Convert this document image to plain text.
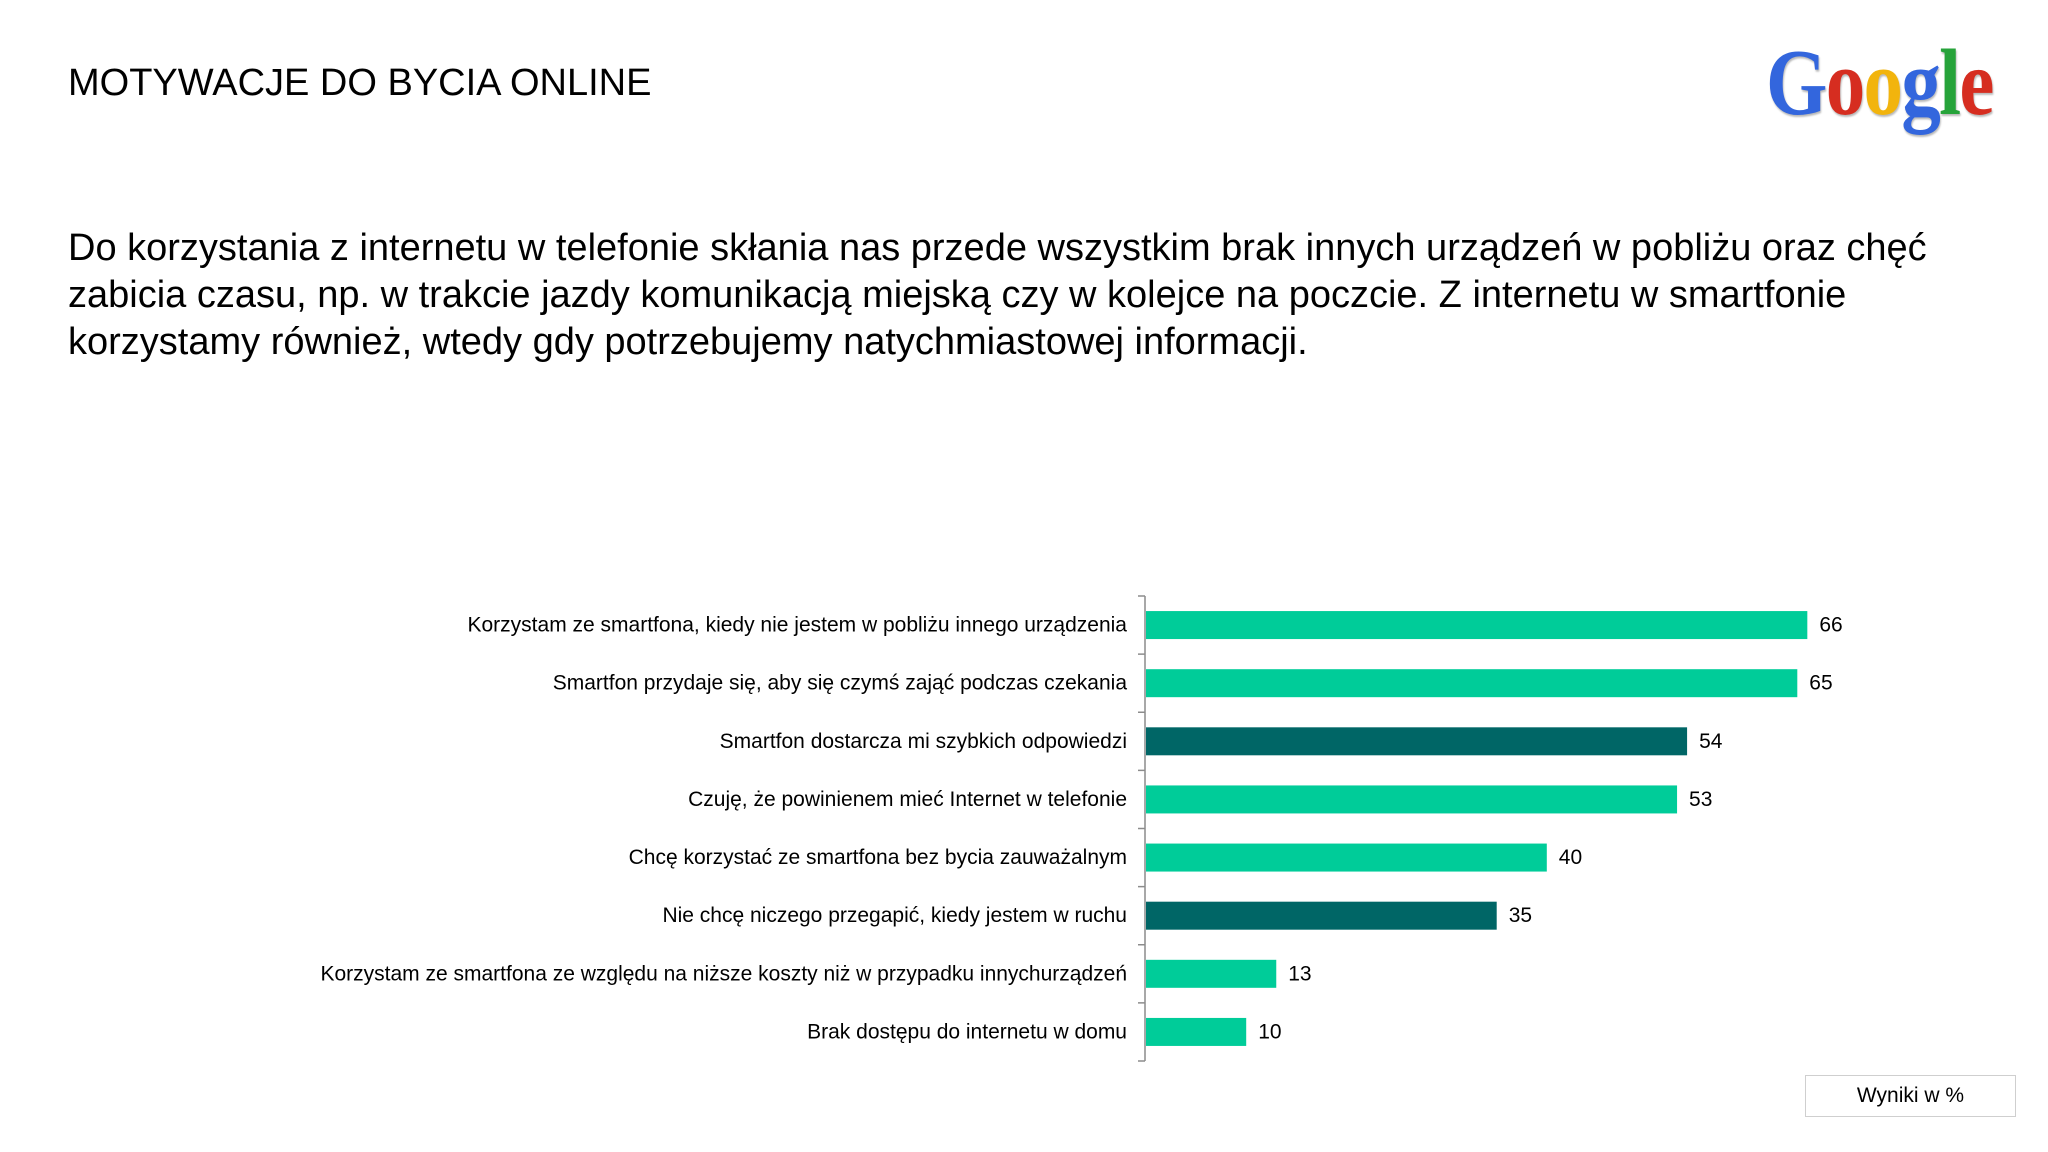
MOTYWACJE DO BYCIA ONLINE	Google
Do korzystania z internetu w telefonie skłania nas przede wszystkim brak innych urządzeń w pobliżu oraz chęć zabicia czasu, np. w trakcie jazdy komunikacją miejską czy w kolejce na poczcie. Z internetu w smartfonie korzystamy również, wtedy gdy potrzebujemy natychmiastowej informacji.
Korzystam ze smartfona, kiedy nie jestem w pobliżu innego urządzenia	66
Smartfon przydaje się, aby się czymś zająć podczas czekania	65
Smartfon dostarcza mi szybkich odpowiedzi	54
Czuję, że powinienem mieć Internet w telefonie	53
Chcę korzystać ze smartfona bez bycia zauważalnym	40
Nie chcę niczego przegapić, kiedy jestem w ruchu	35
Korzystam ze smartfona ze względu na niższe koszty niż w przypadku innychurządzeń	13
Brak dostępu do internetu w domu	10
Wyniki w %
